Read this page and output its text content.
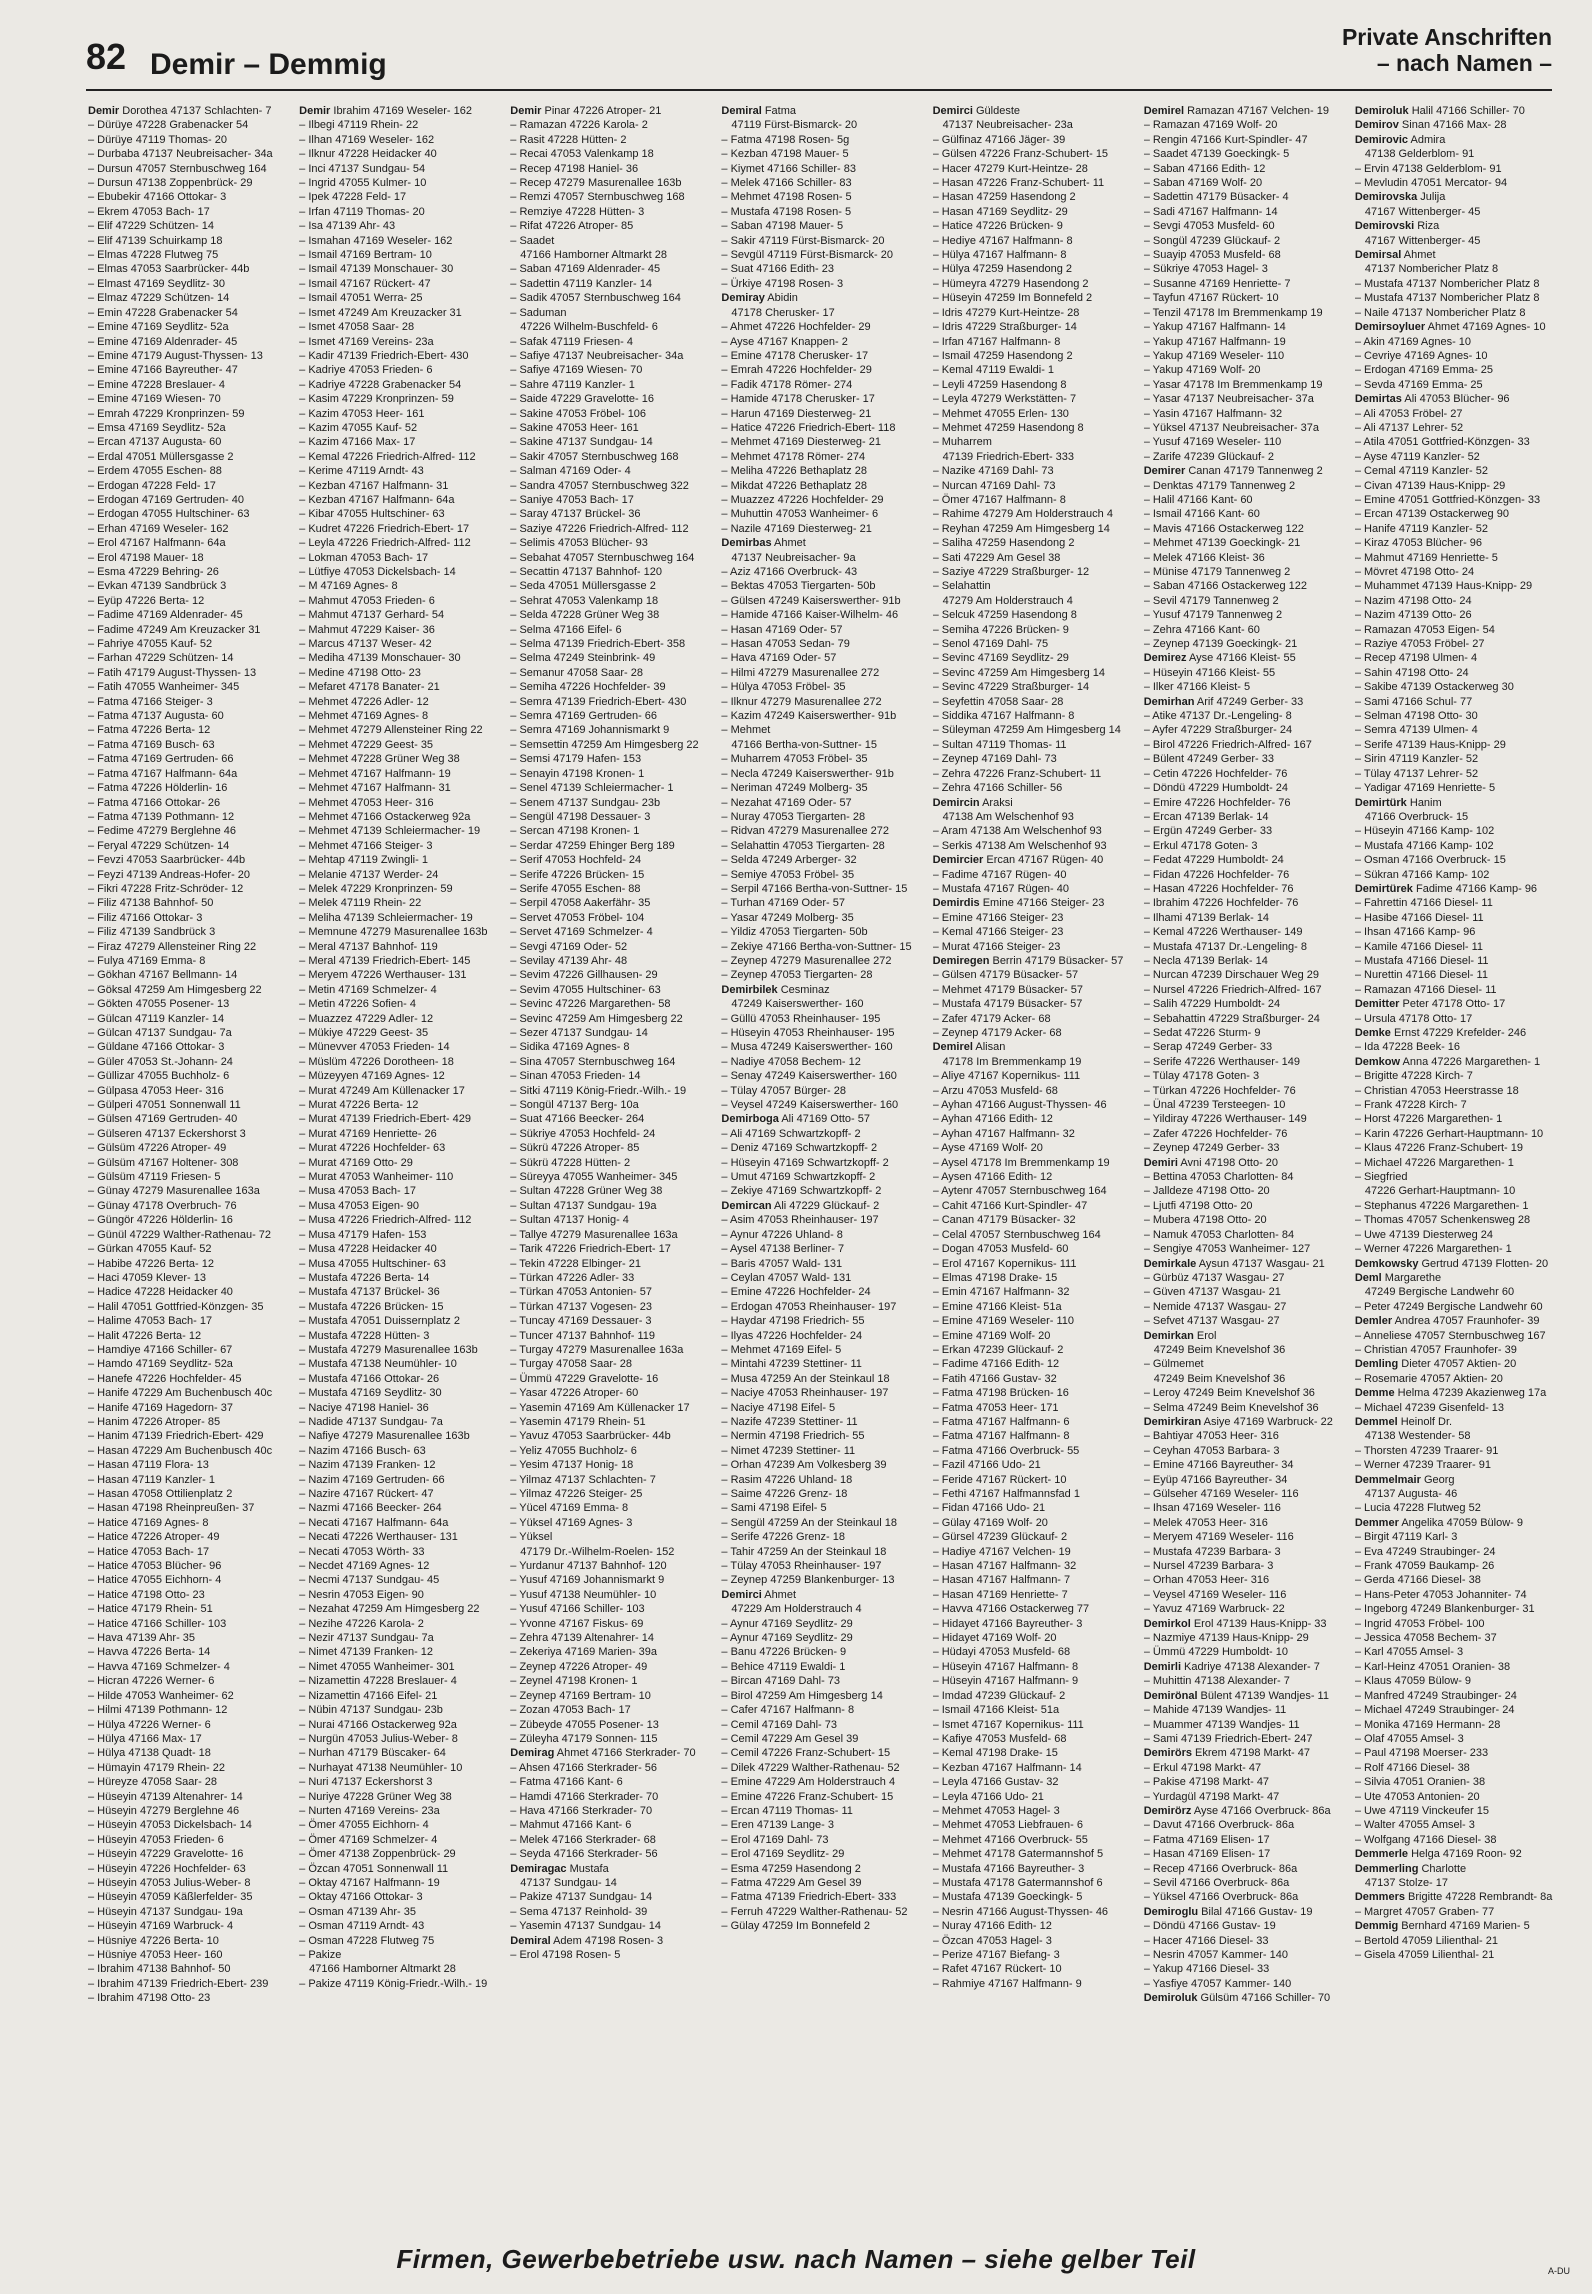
82 Demir – Demmig
Private Anschriften
– nach Namen –
Demir Dorothea 47137 Schlachten- 7
– Dürüye 47228 Grabenacker 54
– Dürüye 47119 Thomas- 20
– Durbaba 47137 Neubreisacher- 34a
– Dursun 47057 Sternbuschweg 164
– Dursun 47138 Zoppenbrück- 29
– Ebubekir 47166 Ottokar- 3
– Ekrem 47053 Bach- 17
– Elif 47229 Schützen- 14
– Elif 47139 Schuirkamp 18
– Elmas 47228 Flutweg 75
– Elmas 47053 Saarbrücker- 44b
– Elmast 47169 Seydlitz- 30
– Elmaz 47229 Schützen- 14
– Emin 47228 Grabenacker 54
– Emine 47169 Seydlitz- 52a
– Emine 47169 Aldenrader- 45
– Emine 47179 August-Thyssen- 13
– Emine 47166 Bayreuther- 47
– Emine 47228 Breslauer- 4
– Emine 47169 Wiesen- 70
– Emrah 47229 Kronprinzen- 59
– Emsa 47169 Seydlitz- 52a
– Ercan 47137 Augusta- 60
– Erdal 47051 Müllersgasse 2
– Erdem 47055 Eschen- 88
– Erdogan 47228 Feld- 17
– Erdogan 47169 Gertruden- 40
– Erdogan 47055 Hultschiner- 63
– Erhan 47169 Weseler- 162
– Erol 47167 Halfmann- 64a
– Erol 47198 Mauer- 18
– Esma 47229 Behring- 26
– Evkan 47139 Sandbrück 3
– Eyüp 47226 Berta- 12
– Fadime 47169 Aldenrader- 45
– Fadime 47249 Am Kreuzacker 31
– Fahriye 47055 Kauf- 52
– Farhan 47229 Schützen- 14
– Fatih 47179 August-Thyssen- 13
– Fatih 47055 Wanheimer- 345
– Fatma 47166 Steiger- 3
– Fatma 47137 Augusta- 60
– Fatma 47226 Berta- 12
– Fatma 47169 Busch- 63
– Fatma 47169 Gertruden- 66
– Fatma 47167 Halfmann- 64a
– Fatma 47226 Hölderlin- 16
– Fatma 47166 Ottokar- 26
– Fatma 47139 Pothmann- 12
– Fedime 47279 Berglehne 46
– Feryal 47229 Schützen- 14
– Fevzi 47053 Saarbrücker- 44b
– Feyzi 47139 Andreas-Hofer- 20
– Fikri 47228 Fritz-Schröder- 12
– Filiz 47138 Bahnhof- 50
– Filiz 47166 Ottokar- 3
– Filiz 47139 Sandbrück 3
– Firaz 47279 Allensteiner Ring 22
– Fulya 47169 Emma- 8
– Gökhan 47167 Bellmann- 14
– Göksal 47259 Am Himgesberg 22
– Gökten 47055 Posener- 13
– Gülcan 47119 Kanzler- 14
– Gülcan 47137 Sundgau- 7a
– Güldane 47166 Ottokar- 3
– Güler 47053 St.-Johann- 24
– Güllizar 47055 Buchholz- 6
– Gülpasa 47053 Heer- 316
– Gülperi 47051 Sonnenwall 11
– Gülsen 47169 Gertruden- 40
– Gülseren 47137 Eckershorst 3
– Gülsüm 47226 Atroper- 49
– Gülsüm 47167 Holtener- 308
– Gülsüm 47119 Friesen- 5
– Günay 47279 Masurenallee 163a
– Günay 47178 Overbruch- 76
– Güngör 47226 Hölderlin- 16
– Günül 47229 Walther-Rathenau- 72
– Gürkan 47055 Kauf- 52
– Habibe 47226 Berta- 12
– Haci 47059 Klever- 13
– Hadice 47228 Heidacker 40
– Halil 47051 Gottfried-Könzgen- 35
– Halime 47053 Bach- 17
– Halit 47226 Berta- 12
– Hamdiye 47166 Schiller- 67
– Hamdo 47169 Seydlitz- 52a
– Hanefe 47226 Hochfelder- 45
– Hanife 47229 Am Buchenbusch 40c
– Hanife 47169 Hagedorn- 37
– Hanim 47226 Atroper- 85
– Hanim 47139 Friedrich-Ebert- 429
– Hasan 47229 Am Buchenbusch 40c
– Hasan 47119 Flora- 13
– Hasan 47119 Kanzler- 1
– Hasan 47058 Ottilienplatz 2
– Hasan 47198 Rheinpreußen- 37
– Hatice 47169 Agnes- 8
– Hatice 47226 Atroper- 49
– Hatice 47053 Bach- 17
– Hatice 47053 Blücher- 96
– Hatice 47055 Eichhorn- 4
– Hatice 47198 Otto- 23
– Hatice 47179 Rhein- 51
– Hatice 47166 Schiller- 103
– Hava 47139 Ahr- 35
– Havva 47226 Berta- 14
– Havva 47169 Schmelzer- 4
– Hicran 47226 Werner- 6
– Hilde 47053 Wanheimer- 62
– Hilmi 47139 Pothmann- 12
– Hülya 47226 Werner- 6
– Hülya 47166 Max- 17
– Hülya 47138 Quadt- 18
– Hümayin 47179 Rhein- 22
– Hüreyze 47058 Saar- 28
– Hüseyin 47139 Altenahrer- 14
– Hüseyin 47279 Berglehne 46
– Hüseyin 47053 Dickelsbach- 14
– Hüseyin 47053 Frieden- 6
– Hüseyin 47229 Gravelotte- 16
– Hüseyin 47226 Hochfelder- 63
– Hüseyin 47053 Julius-Weber- 8
– Hüseyin 47059 Käßlerfelder- 35
– Hüseyin 47137 Sundgau- 19a
– Hüseyin 47169 Warbruck- 4
– Hüsniye 47226 Berta- 10
– Hüsniye 47053 Heer- 160
– Ibrahim 47138 Bahnhof- 50
– Ibrahim 47139 Friedrich-Ebert- 239
– Ibrahim 47198 Otto- 23
Demir Ibrahim 47169 Weseler- 162
– Ilbegi 47119 Rhein- 22
– Ilhan 47169 Weseler- 162
– Ilknur 47228 Heidacker 40
– Inci 47137 Sundgau- 54
– Ingrid 47055 Kulmer- 10
– Ipek 47228 Feld- 17
– Irfan 47119 Thomas- 20
– Isa 47139 Ahr- 43
– Ismahan 47169 Weseler- 162
– Ismail 47169 Bertram- 10
– Ismail 47139 Monschauer- 30
– Ismail 47167 Rückert- 47
– Ismail 47051 Werra- 25
– Ismet 47249 Am Kreuzacker 31
– Ismet 47058 Saar- 28
– Ismet 47169 Vereins- 23a
– Kadir 47139 Friedrich-Ebert- 430
– Kadriye 47053 Frieden- 6
– Kadriye 47228 Grabenacker 54
– Kasim 47229 Kronprinzen- 59
– Kazim 47053 Heer- 161
– Kazim 47055 Kauf- 52
– Kazim 47166 Max- 17
– Kemal 47226 Friedrich-Alfred- 112
– Kerime 47119 Arndt- 43
– Kezban 47167 Halfmann- 31
– Kezban 47167 Halfmann- 64a
– Kibar 47055 Hultschiner- 63
– Kudret 47226 Friedrich-Ebert- 17
– Leyla 47226 Friedrich-Alfred- 112
– Lokman 47053 Bach- 17
– Lütfiye 47053 Dickelsbach- 14
– M 47169 Agnes- 8
– Mahmut 47053 Frieden- 6
– Mahmut 47137 Gerhard- 54
– Mahmut 47229 Kaiser- 36
– Marcus 47137 Weser- 42
– Mediha 47139 Monschauer- 30
– Medine 47198 Otto- 23
– Mefaret 47178 Banater- 21
– Mehmet 47226 Adler- 12
– Mehmet 47169 Agnes- 8
– Mehmet 47279 Allensteiner Ring 22
– Mehmet 47229 Geest- 35
– Mehmet 47228 Grüner Weg 38
– Mehmet 47167 Halfmann- 19
– Mehmet 47167 Halfmann- 31
– Mehmet 47053 Heer- 316
– Mehmet 47166 Ostackerweg 92a
– Mehmet 47139 Schleiermacher- 19
– Mehmet 47166 Steiger- 3
– Mehtap 47119 Zwingli- 1
– Melanie 47137 Werder- 24
– Melek 47229 Kronprinzen- 59
– Melek 47119 Rhein- 22
– Meliha 47139 Schleiermacher- 19
– Memnune 47279 Masurenallee 163b
– Meral 47137 Bahnhof- 119
– Meral 47139 Friedrich-Ebert- 145
– Meryem 47226 Werthauser- 131
– Metin 47169 Schmelzer- 4
– Metin 47226 Sofien- 4
– Muazzez 47229 Adler- 12
– Mükiye 47229 Geest- 35
– Münevver 47053 Frieden- 14
– Müslüm 47226 Dorotheen- 18
– Müzeyyen 47169 Agnes- 12
– Murat 47249 Am Küllenacker 17
– Murat 47226 Berta- 12
– Murat 47139 Friedrich-Ebert- 429
– Murat 47169 Henriette- 26
– Murat 47226 Hochfelder- 63
– Murat 47169 Otto- 29
– Murat 47053 Wanheimer- 110
– Musa 47053 Bach- 17
– Musa 47053 Eigen- 90
– Musa 47226 Friedrich-Alfred- 112
– Musa 47179 Hafen- 153
– Musa 47228 Heidacker 40
– Musa 47055 Hultschiner- 63
– Mustafa 47226 Berta- 14
– Mustafa 47137 Brückel- 36
– Mustafa 47226 Brücken- 15
– Mustafa 47051 Duissernplatz 2
– Mustafa 47228 Hütten- 3
– Mustafa 47279 Masurenallee 163b
– Mustafa 47138 Neumühler- 10
– Mustafa 47166 Ottokar- 26
– Mustafa 47169 Seydlitz- 30
– Naciye 47198 Haniel- 36
– Nadide 47137 Sundgau- 7a
– Nafiye 47279 Masurenallee 163b
– Nazim 47166 Busch- 63
– Nazim 47139 Franken- 12
– Nazim 47169 Gertruden- 66
– Nazire 47167 Rückert- 47
– Nazmi 47166 Beecker- 264
– Necati 47167 Halfmann- 64a
– Necati 47226 Werthauser- 131
– Necati 47053 Wörth- 33
– Necdet 47169 Agnes- 12
– Necmi 47137 Sundgau- 45
– Nesrin 47053 Eigen- 90
– Nezahat 47259 Am Himgesberg 22
– Nezihe 47226 Karola- 2
– Nezir 47137 Sundgau- 7a
– Nimet 47139 Franken- 12
– Nimet 47055 Wanheimer- 301
– Nizamettin 47228 Breslauer- 4
– Nizamettin 47166 Eifel- 21
– Nübin 47137 Sundgau- 23b
– Nurai 47166 Ostackerweg 92a
– Nurgün 47053 Julius-Weber- 8
– Nurhan 47179 Büscaker- 64
– Nurhayat 47138 Neumühler- 10
– Nuri 47137 Eckershorst 3
– Nuriye 47228 Grüner Weg 38
– Nurten 47169 Vereins- 23a
– Ömer 47055 Eichhorn- 4
– Ömer 47169 Schmelzer- 4
– Ömer 47138 Zoppenbrück- 29
– Özcan 47051 Sonnenwall 11
– Oktay 47167 Halfmann- 19
– Oktay 47166 Ottokar- 3
– Osman 47139 Ahr- 35
– Osman 47119 Arndt- 43
– Osman 47228 Flutweg 75
– Pakize
47166 Hamborner Altmarkt 28
– Pakize 47119 König-Friedr.-Wilh.- 19
Demir Pinar 47226 Atroper- 21
– Ramazan 47226 Karola- 2
– Rasit 47228 Hütten- 2
– Recai 47053 Valenkamp 18
– Recep 47198 Haniel- 36
– Recep 47279 Masurenallee 163b
– Remzi 47057 Sternbuschweg 168
– Remziye 47228 Hütten- 3
– Rifat 47226 Atroper- 85
– Saadet
47166 Hamborner Altmarkt 28
– Saban 47169 Aldenrader- 45
– Sadettin 47119 Kanzler- 14
– Sadik 47057 Sternbuschweg 164
– Saduman
47226 Wilhelm-Buschfeld- 6
– Safak 47119 Friesen- 4
– Safiye 47137 Neubreisacher- 34a
– Safiye 47169 Wiesen- 70
– Sahre 47119 Kanzler- 1
– Saide 47229 Gravelotte- 16
– Sakine 47053 Fröbel- 106
– Sakine 47053 Heer- 161
– Sakine 47137 Sundgau- 14
– Sakir 47057 Sternbuschweg 168
– Salman 47169 Oder- 4
– Sandra 47057 Sternbuschweg 322
– Saniye 47053 Bach- 17
– Saray 47137 Brückel- 36
– Saziye 47226 Friedrich-Alfred- 112
– Selimis 47053 Blücher- 93
– Sebahat 47057 Sternbuschweg 164
– Secattin 47137 Bahnhof- 120
– Seda 47051 Müllersgasse 2
– Sehrat 47053 Valenkamp 18
– Selda 47228 Grüner Weg 38
– Selma 47166 Eifel- 6
– Selma 47139 Friedrich-Ebert- 358
– Selma 47249 Steinbrink- 49
– Semanur 47058 Saar- 28
– Semiha 47226 Hochfelder- 39
– Semra 47139 Friedrich-Ebert- 430
– Semra 47169 Gertruden- 66
– Semra 47169 Johannismarkt 9
– Semsettin 47259 Am Himgesberg 22
– Semsi 47179 Hafen- 153
– Senayin 47198 Kronen- 1
– Senel 47139 Schleiermacher- 1
– Senem 47137 Sundgau- 23b
– Sengül 47198 Dessauer- 3
– Sercan 47198 Kronen- 1
– Serdar 47259 Ehinger Berg 189
– Serif 47053 Hochfeld- 24
– Serife 47226 Brücken- 15
– Serife 47055 Eschen- 88
– Serpil 47058 Aakerfähr- 35
– Servet 47053 Fröbel- 104
– Servet 47169 Schmelzer- 4
– Sevgi 47169 Oder- 52
– Sevilay 47139 Ahr- 48
– Sevim 47226 Gillhausen- 29
– Sevim 47055 Hultschiner- 63
– Sevinc 47226 Margarethen- 58
– Sevinc 47259 Am Himgesberg 22
– Sezer 47137 Sundgau- 14
– Sidika 47169 Agnes- 8
– Sina 47057 Sternbuschweg 164
– Sinan 47053 Frieden- 14
– Sitki 47119 König-Friedr.-Wilh.- 19
– Songül 47137 Berg- 10a
– Suat 47166 Beecker- 264
– Sükriye 47053 Hochfeld- 24
– Sükrü 47226 Atroper- 85
– Sükrü 47228 Hütten- 2
– Süreyya 47055 Wanheimer- 345
– Sultan 47228 Grüner Weg 38
– Sultan 47137 Sundgau- 19a
– Sultan 47137 Honig- 4
– Tallye 47279 Masurenallee 163a
– Tarik 47226 Friedrich-Ebert- 17
– Tekin 47228 Elbinger- 21
– Türkan 47226 Adler- 33
– Türkan 47053 Antonien- 57
– Türkan 47137 Vogesen- 23
– Tuncay 47169 Dessauer- 3
– Tuncer 47137 Bahnhof- 119
– Turgay 47279 Masurenallee 163a
– Turgay 47058 Saar- 28
– Ümmü 47229 Gravelotte- 16
– Yasar 47226 Atroper- 60
– Yasemin 47169 Am Küllenacker 17
– Yasemin 47179 Rhein- 51
– Yavuz 47053 Saarbrücker- 44b
– Yeliz 47055 Buchholz- 6
– Yesim 47137 Honig- 18
– Yilmaz 47137 Schlachten- 7
– Yilmaz 47226 Steiger- 25
– Yücel 47169 Emma- 8
– Yüksel 47169 Agnes- 3
– Yüksel
47179 Dr.-Wilhelm-Roelen- 152
– Yurdanur 47137 Bahnhof- 120
– Yusuf 47169 Johannismarkt 9
– Yusuf 47138 Neumühler- 10
– Yusuf 47166 Schiller- 103
– Yvonne 47167 Fiskus- 69
– Zehra 47139 Altenahrer- 14
– Zekeriya 47169 Marien- 39a
– Zeynep 47226 Atroper- 49
– Zeynel 47198 Kronen- 1
– Zeynep 47169 Bertram- 10
– Zozan 47053 Bach- 17
– Zübeyde 47055 Posener- 13
– Züleyha 47179 Sonnen- 115
Demirag Ahmet 47166 Sterkrader- 70
– Ahsen 47166 Sterkrader- 56
– Fatma 47166 Kant- 6
– Hamdi 47166 Sterkrader- 70
– Hava 47166 Sterkrader- 70
– Mahmut 47166 Kant- 6
– Melek 47166 Sterkrader- 68
– Seyda 47166 Sterkrader- 56
Demiragac Mustafa
47137 Sundgau- 14
– Pakize 47137 Sundgau- 14
– Sema 47137 Reinhold- 39
– Yasemin 47137 Sundgau- 14
Demiral Adem 47198 Rosen- 3
– Erol 47198 Rosen- 5
Demiral Fatma
47119 Fürst-Bismarck- 20
– Fatma 47198 Rosen- 5g
– Kezban 47198 Mauer- 5
– Kiymet 47166 Schiller- 83
– Melek 47166 Schiller- 83
– Mehmet 47198 Rosen- 5
– Mustafa 47198 Rosen- 5
– Saban 47198 Mauer- 5
– Sakir 47119 Fürst-Bismarck- 20
– Sevgül 47119 Fürst-Bismarck- 20
– Suat 47166 Edith- 23
– Ürkiye 47198 Rosen- 3
Demiray Abidin
47178 Cherusker- 17
– Ahmet 47226 Hochfelder- 29
– Ayse 47167 Knappen- 2
– Emine 47178 Cherusker- 17
– Emrah 47226 Hochfelder- 29
– Fadik 47178 Römer- 274
– Hamide 47178 Cherusker- 17
– Harun 47169 Diesterweg- 21
– Hatice 47226 Friedrich-Ebert- 118
– Mehmet 47169 Diesterweg- 21
– Mehmet 47178 Römer- 274
– Meliha 47226 Bethaplatz 28
– Mikdat 47226 Bethaplatz 28
– Muazzez 47226 Hochfelder- 29
– Muhuttin 47053 Wanheimer- 6
– Nazile 47169 Diesterweg- 21
Demirbas Ahmet
47137 Neubreisacher- 9a
– Aziz 47166 Overbruck- 43
– Bektas 47053 Tiergarten- 50b
– Gülsen 47249 Kaiserswerther- 91b
– Hamide 47166 Kaiser-Wilhelm- 46
– Hasan 47169 Oder- 57
– Hasan 47053 Sedan- 79
– Hava 47169 Oder- 57
– Hilmi 47279 Masurenallee 272
– Hülya 47053 Fröbel- 35
– Ilknur 47279 Masurenallee 272
– Kazim 47249 Kaiserswerther- 91b
– Mehmet
47166 Bertha-von-Suttner- 15
– Muharrem 47053 Fröbel- 35
– Necla 47249 Kaiserswerther- 91b
– Neriman 47249 Molberg- 35
– Nezahat 47169 Oder- 57
– Nuray 47053 Tiergarten- 28
– Ridvan 47279 Masurenallee 272
– Selahattin 47053 Tiergarten- 28
– Selda 47249 Arberger- 32
– Semiye 47053 Fröbel- 35
– Serpil 47166 Bertha-von-Suttner- 15
– Turhan 47169 Oder- 57
– Yasar 47249 Molberg- 35
– Yildiz 47053 Tiergarten- 50b
– Zekiye 47166 Bertha-von-Suttner- 15
– Zeynep 47279 Masurenallee 272
– Zeynep 47053 Tiergarten- 28
Demirbilek Cesminaz
47249 Kaiserswerther- 160
– Güllü 47053 Rheinhauser- 195
– Hüseyin 47053 Rheinhauser- 195
– Musa 47249 Kaiserswerther- 160
– Nadiye 47058 Bechem- 12
– Senay 47249 Kaiserswerther- 160
– Tülay 47057 Bürger- 28
– Veysel 47249 Kaiserswerther- 160
Demirboga Ali 47169 Otto- 57
– Ali 47169 Schwartzkopff- 2
– Deniz 47169 Schwartzkopff- 2
– Hüseyin 47169 Schwartzkopff- 2
– Umut 47169 Schwartzkopff- 2
– Zekiye 47169 Schwartzkopff- 2
Demircan Ali 47229 Glückauf- 2
– Asim 47053 Rheinhauser- 197
– Aynur 47226 Uhland- 8
– Aysel 47138 Berliner- 7
– Baris 47057 Wald- 131
– Ceylan 47057 Wald- 131
– Emine 47226 Hochfelder- 24
– Erdogan 47053 Rheinhauser- 197
– Haydar 47198 Friedrich- 55
– Ilyas 47226 Hochfelder- 24
– Mehmet 47169 Eifel- 5
– Mintahi 47239 Stettiner- 11
– Musa 47259 An der Steinkaul 18
– Naciye 47053 Rheinhauser- 197
– Naciye 47198 Eifel- 5
– Nazife 47239 Stettiner- 11
– Nermin 47198 Friedrich- 55
– Nimet 47239 Stettiner- 11
– Orhan 47239 Am Volkesberg 39
– Rasim 47226 Uhland- 18
– Saime 47226 Grenz- 18
– Sami 47198 Eifel- 5
– Sengül 47259 An der Steinkaul 18
– Serife 47226 Grenz- 18
– Tahir 47259 An der Steinkaul 18
– Tülay 47053 Rheinhauser- 197
– Zeynep 47259 Blankenburger- 13
Demirci Ahmet
47229 Am Holderstrauch 4
– Aynur 47169 Seydlitz- 29
– Aynur 47169 Seydlitz- 29
– Banu 47226 Brücken- 9
– Behice 47119 Ewaldi- 1
– Bircan 47169 Dahl- 73
– Birol 47259 Am Himgesberg 14
– Cafer 47167 Halfmann- 8
– Cemil 47169 Dahl- 73
– Cemil 47229 Am Gesel 39
– Cemil 47226 Franz-Schubert- 15
– Dilek 47229 Walther-Rathenau- 52
– Emine 47229 Am Holderstrauch 4
– Emine 47226 Franz-Schubert- 15
– Ercan 47119 Thomas- 11
– Eren 47139 Lange- 3
– Erol 47169 Dahl- 73
– Erol 47169 Seydlitz- 29
– Esma 47259 Hasendong 2
– Fatma 47229 Am Gesel 39
– Fatma 47139 Friedrich-Ebert- 333
– Ferruh 47229 Walther-Rathenau- 52
– Gülay 47259 Im Bonnefeld 2
Demirci Güldeste
47137 Neubreisacher- 23a
– Gülfinaz 47166 Jäger- 39
– Gülsen 47226 Franz-Schubert- 15
– Hacer 47279 Kurt-Heintze- 28
– Hasan 47226 Franz-Schubert- 11
– Hasan 47259 Hasendong 2
– Hasan 47169 Seydlitz- 29
– Hatice 47226 Brücken- 9
– Hediye 47167 Halfmann- 8
– Hülya 47167 Halfmann- 8
– Hülya 47259 Hasendong 2
– Hümeyra 47279 Hasendong 2
– Hüseyin 47259 Im Bonnefeld 2
– Idris 47279 Kurt-Heintze- 28
– Idris 47229 Straßburger- 14
– Irfan 47167 Halfmann- 8
– Ismail 47259 Hasendong 2
– Kemal 47119 Ewaldi- 1
– Leyli 47259 Hasendong 8
– Leyla 47279 Werkstätten- 7
– Mehmet 47055 Erlen- 130
– Mehmet 47259 Hasendong 8
– Muharrem
47139 Friedrich-Ebert- 333
– Nazike 47169 Dahl- 73
– Nurcan 47169 Dahl- 73
– Ömer 47167 Halfmann- 8
– Rahime 47279 Am Holderstrauch 4
– Reyhan 47259 Am Himgesberg 14
– Saliha 47259 Hasendong 2
– Sati 47229 Am Gesel 38
– Saziye 47229 Straßburger- 12
– Selahattin
47279 Am Holderstrauch 4
– Selcuk 47259 Hasendong 8
– Semiha 47226 Brücken- 9
– Senol 47169 Dahl- 75
– Sevinc 47169 Seydlitz- 29
– Sevinc 47259 Am Himgesberg 14
– Sevinc 47229 Straßburger- 14
– Seyfettin 47058 Saar- 28
– Siddika 47167 Halfmann- 8
– Süleyman 47259 Am Himgesberg 14
– Sultan 47119 Thomas- 11
– Zeynep 47169 Dahl- 73
– Zehra 47226 Franz-Schubert- 11
– Zehra 47166 Schiller- 56
Demircin Araksi
47138 Am Welschenhof 93
– Aram 47138 Am Welschenhof 93
– Serkis 47138 Am Welschenhof 93
Demircier Ercan 47167 Rügen- 40
– Fadime 47167 Rügen- 40
– Mustafa 47167 Rügen- 40
Demirdis Emine 47166 Steiger- 23
– Emine 47166 Steiger- 23
– Kemal 47166 Steiger- 23
– Murat 47166 Steiger- 23
Demiregen Berrin 47179 Büsacker- 57
– Gülsen 47179 Büsacker- 57
– Mehmet 47179 Büsacker- 57
– Mustafa 47179 Büsacker- 57
– Zafer 47179 Acker- 68
– Zeynep 47179 Acker- 68
Demirel Alisan
47178 Im Bremmenkamp 19
– Aliye 47167 Kopernikus- 111
– Arzu 47053 Musfeld- 68
– Ayhan 47166 August-Thyssen- 46
– Ayhan 47166 Edith- 12
– Ayhan 47167 Halfmann- 32
– Ayse 47169 Wolf- 20
– Aysel 47178 Im Bremmenkamp 19
– Aysen 47166 Edith- 12
– Aytenr 47057 Sternbuschweg 164
– Cahit 47166 Kurt-Spindler- 47
– Canan 47179 Büsacker- 32
– Celal 47057 Sternbuschweg 164
– Dogan 47053 Musfeld- 60
– Erol 47167 Kopernikus- 111
– Elmas 47198 Drake- 15
– Emin 47167 Halfmann- 32
– Emine 47166 Kleist- 51a
– Emine 47169 Weseler- 110
– Emine 47169 Wolf- 20
– Erkan 47239 Glückauf- 2
– Fadime 47166 Edith- 12
– Fatih 47166 Gustav- 32
– Fatma 47198 Brücken- 16
– Fatma 47053 Heer- 171
– Fatma 47167 Halfmann- 6
– Fatma 47167 Halfmann- 8
– Fatma 47166 Overbruck- 55
– Fazil 47166 Udo- 21
– Feride 47167 Rückert- 10
– Fethi 47167 Halfmannsfad 1
– Fidan 47166 Udo- 21
– Gülay 47169 Wolf- 20
– Gürsel 47239 Glückauf- 2
– Hadiye 47167 Velchen- 19
– Hasan 47167 Halfmann- 32
– Hasan 47167 Halfmann- 7
– Hasan 47169 Henriette- 7
– Havva 47166 Ostackerweg 77
– Hidayet 47166 Bayreuther- 3
– Hidayet 47169 Wolf- 20
– Hüdayi 47053 Musfeld- 68
– Hüseyin 47167 Halfmann- 8
– Hüseyin 47167 Halfmann- 9
– Imdad 47239 Glückauf- 2
– Ismail 47166 Kleist- 51a
– Ismet 47167 Kopernikus- 111
– Kafiye 47053 Musfeld- 68
– Kemal 47198 Drake- 15
– Kezban 47167 Halfmann- 14
– Leyla 47166 Gustav- 32
– Leyla 47166 Udo- 21
– Mehmet 47053 Hagel- 3
– Mehmet 47053 Liebfrauen- 6
– Mehmet 47166 Overbruck- 55
– Mehmet 47178 Gatermannshof 5
– Mustafa 47166 Bayreuther- 3
– Mustafa 47178 Gatermannshof 6
– Mustafa 47139 Goeckingk- 5
– Nesrin 47166 August-Thyssen- 46
– Nuray 47166 Edith- 12
– Özcan 47053 Hagel- 3
– Perize 47167 Biefang- 3
– Rafet 47167 Rückert- 10
– Rahmiye 47167 Halfmann- 9
Demirel Ramazan 47167 Velchen- 19
– Ramazan 47169 Wolf- 20
– Rengin 47166 Kurt-Spindler- 47
– Saadet 47139 Goeckingk- 5
– Saban 47166 Edith- 12
– Saban 47169 Wolf- 20
– Sadettin 47179 Büsacker- 4
– Sadi 47167 Halfmann- 14
– Sevgi 47053 Musfeld- 60
– Songül 47239 Glückauf- 2
– Suayip 47053 Musfeld- 68
– Sükriye 47053 Hagel- 3
– Susanne 47169 Henriette- 7
– Tayfun 47167 Rückert- 10
– Tenzil 47178 Im Bremmenkamp 19
– Yakup 47167 Halfmann- 14
– Yakup 47167 Halfmann- 19
– Yakup 47169 Weseler- 110
– Yakup 47169 Wolf- 20
– Yasar 47178 Im Bremmenkamp 19
– Yasar 47137 Neubreisacher- 37a
– Yasin 47167 Halfmann- 32
– Yüksel 47137 Neubreisacher- 37a
– Yusuf 47169 Weseler- 110
– Zarife 47239 Glückauf- 2
Demirer Canan 47179 Tannenweg 2
– Denktas 47179 Tannenweg 2
– Halil 47166 Kant- 60
– Ismail 47166 Kant- 60
– Mavis 47166 Ostackerweg 122
– Mehmet 47139 Goeckingk- 21
– Melek 47166 Kleist- 36
– Münise 47179 Tannenweg 2
– Saban 47166 Ostackerweg 122
– Sevil 47179 Tannenweg 2
– Yusuf 47179 Tannenweg 2
– Zehra 47166 Kant- 60
– Zeynep 47139 Goeckingk- 21
Demirez Ayse 47166 Kleist- 55
– Hüseyin 47166 Kleist- 55
– Ilker 47166 Kleist- 5
Demirhan Arif 47249 Gerber- 33
– Atike 47137 Dr.-Lengeling- 8
– Ayfer 47229 Straßburger- 24
– Birol 47226 Friedrich-Alfred- 167
– Bülent 47249 Gerber- 33
– Cetin 47226 Hochfelder- 76
– Döndü 47229 Humboldt- 24
– Emire 47226 Hochfelder- 76
– Ercan 47139 Berlak- 14
– Ergün 47249 Gerber- 33
– Erkul 47178 Goten- 3
– Fedat 47229 Humboldt- 24
– Fidan 47226 Hochfelder- 76
– Hasan 47226 Hochfelder- 76
– Ibrahim 47226 Hochfelder- 76
– Ilhami 47139 Berlak- 14
– Kemal 47226 Werthauser- 149
– Mustafa 47137 Dr.-Lengeling- 8
– Necla 47139 Berlak- 14
– Nurcan 47239 Dirschauer Weg 29
– Nursel 47226 Friedrich-Alfred- 167
– Salih 47229 Humboldt- 24
– Sebahattin 47229 Straßburger- 24
– Sedat 47226 Sturm- 9
– Serap 47249 Gerber- 33
– Serife 47226 Werthauser- 149
– Tülay 47178 Goten- 3
– Türkan 47226 Hochfelder- 76
– Ünal 47239 Tersteegen- 10
– Yildiray 47226 Werthauser- 149
– Zafer 47226 Hochfelder- 76
– Zeynep 47249 Gerber- 33
Demiri Avni 47198 Otto- 20
– Bettina 47053 Charlotten- 84
– Jalldeze 47198 Otto- 20
– Ljutfi 47198 Otto- 20
– Mubera 47198 Otto- 20
– Namuk 47053 Charlotten- 84
– Sengiye 47053 Wanheimer- 127
Demirkale Aysun 47137 Wasgau- 21
– Gürbüz 47137 Wasgau- 27
– Güven 47137 Wasgau- 21
– Nemide 47137 Wasgau- 27
– Sefvet 47137 Wasgau- 27
Demirkan Erol
47249 Beim Knevelshof 36
– Gülmemet
47249 Beim Knevelshof 36
– Leroy 47249 Beim Knevelshof 36
– Selma 47249 Beim Knevelshof 36
Demirkiran Asiye 47169 Warbruck- 22
– Bahtiyar 47053 Heer- 316
– Ceyhan 47053 Barbara- 3
– Emine 47166 Bayreuther- 34
– Eyüp 47166 Bayreuther- 34
– Gülseher 47169 Weseler- 116
– Ihsan 47169 Weseler- 116
– Melek 47053 Heer- 316
– Meryem 47169 Weseler- 116
– Mustafa 47239 Barbara- 3
– Nursel 47239 Barbara- 3
– Orhan 47053 Heer- 316
– Veysel 47169 Weseler- 116
– Yavuz 47169 Warbruck- 22
Demirkol Erol 47139 Haus-Knipp- 33
– Nazmiye 47139 Haus-Knipp- 29
– Ümmü 47229 Humboldt- 10
Demirli Kadriye 47138 Alexander- 7
– Muhittin 47138 Alexander- 7
Demirönal Bülent 47139 Wandjes- 11
– Mahide 47139 Wandjes- 11
– Muammer 47139 Wandjes- 11
– Sami 47139 Friedrich-Ebert- 247
Demirörs Ekrem 47198 Markt- 47
– Erkul 47198 Markt- 47
– Pakise 47198 Markt- 47
– Yurdagül 47198 Markt- 47
Demirörz Ayse 47166 Overbruck- 86a
– Davut 47166 Overbruck- 86a
– Fatma 47169 Elisen- 17
– Hasan 47169 Elisen- 17
– Recep 47166 Overbruck- 86a
– Sevil 47166 Overbruck- 86a
– Yüksel 47166 Overbruck- 86a
Demiroglu Bilal 47166 Gustav- 19
– Döndü 47166 Gustav- 19
– Hacer 47166 Diesel- 33
– Nesrin 47057 Kammer- 140
– Yakup 47166 Diesel- 33
– Yasfiye 47057 Kammer- 140
Demiroluk Gülsüm 47166 Schiller- 70
Demiroluk Halil 47166 Schiller- 70
Demirov Sinan 47166 Max- 28
Demirovic Admira
47138 Gelderblom- 91
– Ervin 47138 Gelderblom- 91
– Mevludin 47051 Mercator- 94
Demirovska Julija
47167 Wittenberger- 45
Demirovski Riza
47167 Wittenberger- 45
Demirsal Ahmet
47137 Nombericher Platz 8
– Mustafa 47137 Nombericher Platz 8
– Mustafa 47137 Nombericher Platz 8
– Naile 47137 Nombericher Platz 8
Demirsoyluer Ahmet 47169 Agnes- 10
– Akin 47169 Agnes- 10
– Cevriye 47169 Agnes- 10
– Erdogan 47169 Emma- 25
– Sevda 47169 Emma- 25
Demirtas Ali 47053 Blücher- 96
– Ali 47053 Fröbel- 27
– Ali 47137 Lehrer- 52
– Atila 47051 Gottfried-Könzgen- 33
– Ayse 47119 Kanzler- 52
– Cemal 47119 Kanzler- 52
– Civan 47139 Haus-Knipp- 29
– Emine 47051 Gottfried-Könzgen- 33
– Ercan 47139 Ostackerweg 90
– Hanife 47119 Kanzler- 52
– Kiraz 47053 Blücher- 96
– Mahmut 47169 Henriette- 5
– Mövret 47198 Otto- 24
– Muhammet 47139 Haus-Knipp- 29
– Nazim 47198 Otto- 24
– Nazim 47139 Otto- 26
– Ramazan 47053 Eigen- 54
– Raziye 47053 Fröbel- 27
– Recep 47198 Ulmen- 4
– Sahin 47198 Otto- 24
– Sakibe 47139 Ostackerweg 30
– Sami 47166 Schul- 77
– Selman 47198 Otto- 30
– Semra 47139 Ulmen- 4
– Serife 47139 Haus-Knipp- 29
– Sirin 47119 Kanzler- 52
– Tülay 47137 Lehrer- 52
– Yadigar 47169 Henriette- 5
Demirtürk Hanim
47166 Overbruck- 15
– Hüseyin 47166 Kamp- 102
– Mustafa 47166 Kamp- 102
– Osman 47166 Overbruck- 15
– Sükran 47166 Kamp- 102
Demirtürek Fadime 47166 Kamp- 96
– Fahrettin 47166 Diesel- 11
– Hasibe 47166 Diesel- 11
– Ihsan 47166 Kamp- 96
– Kamile 47166 Diesel- 11
– Mustafa 47166 Diesel- 11
– Nurettin 47166 Diesel- 11
– Ramazan 47166 Diesel- 11
Demitter Peter 47178 Otto- 17
– Ursula 47178 Otto- 17
Demke Ernst 47229 Krefelder- 246
– Ida 47228 Beek- 16
Demkow Anna 47226 Margarethen- 1
– Brigitte 47228 Kirch- 7
– Christian 47053 Heerstrasse 18
– Frank 47228 Kirch- 7
– Horst 47226 Margarethen- 1
– Karin 47226 Gerhart-Hauptmann- 10
– Klaus 47226 Franz-Schubert- 19
– Michael 47226 Margarethen- 1
– Siegfried
47226 Gerhart-Hauptmann- 10
– Stephanus 47226 Margarethen- 1
– Thomas 47057 Schenkensweg 28
– Uwe 47139 Diesterweg 24
– Werner 47226 Margarethen- 1
Demkowsky Gertrud 47139 Flotten- 20
Deml Margarethe
47249 Bergische Landwehr 60
– Peter 47249 Bergische Landwehr 60
Demler Andrea 47057 Fraunhofer- 39
– Anneliese 47057 Sternbuschweg 167
– Christian 47057 Fraunhofer- 39
Demling Dieter 47057 Aktien- 20
– Rosemarie 47057 Aktien- 20
Demme Helma 47239 Akazienweg 17a
– Michael 47239 Gisenfeld- 13
Demmel Heinolf Dr.
47138 Westender- 58
– Thorsten 47239 Traarer- 91
– Werner 47239 Traarer- 91
Demmelmair Georg
47137 Augusta- 46
– Lucia 47228 Flutweg 52
Demmer Angelika 47059 Bülow- 9
– Birgit 47119 Karl- 3
– Eva 47249 Straubinger- 24
– Frank 47059 Baukamp- 26
– Gerda 47166 Diesel- 38
– Hans-Peter 47053 Johanniter- 74
– Ingeborg 47249 Blankenburger- 31
– Ingrid 47053 Fröbel- 100
– Jessica 47058 Bechem- 37
– Karl 47055 Amsel- 3
– Karl-Heinz 47051 Oranien- 38
– Klaus 47059 Bülow- 9
– Manfred 47249 Straubinger- 24
– Michael 47249 Straubinger- 24
– Monika 47169 Hermann- 28
– Olaf 47055 Amsel- 3
– Paul 47198 Moerser- 233
– Rolf 47166 Diesel- 38
– Silvia 47051 Oranien- 38
– Ute 47053 Antonien- 20
– Uwe 47119 Vinckeufer 15
– Walter 47055 Amsel- 3
– Wolfgang 47166 Diesel- 38
Demmerle Helga 47169 Roon- 92
Demmerling Charlotte
47137 Stolze- 17
Demmers Brigitte 47228 Rembrandt- 8a
– Margret 47057 Graben- 77
Demmig Bernhard 47169 Marien- 5
– Bertold 47059 Lilienthal- 21
– Gisela 47059 Lilienthal- 21
Firmen, Gewerbebetriebe usw. nach Namen – siehe gelber Teil	A-DU
